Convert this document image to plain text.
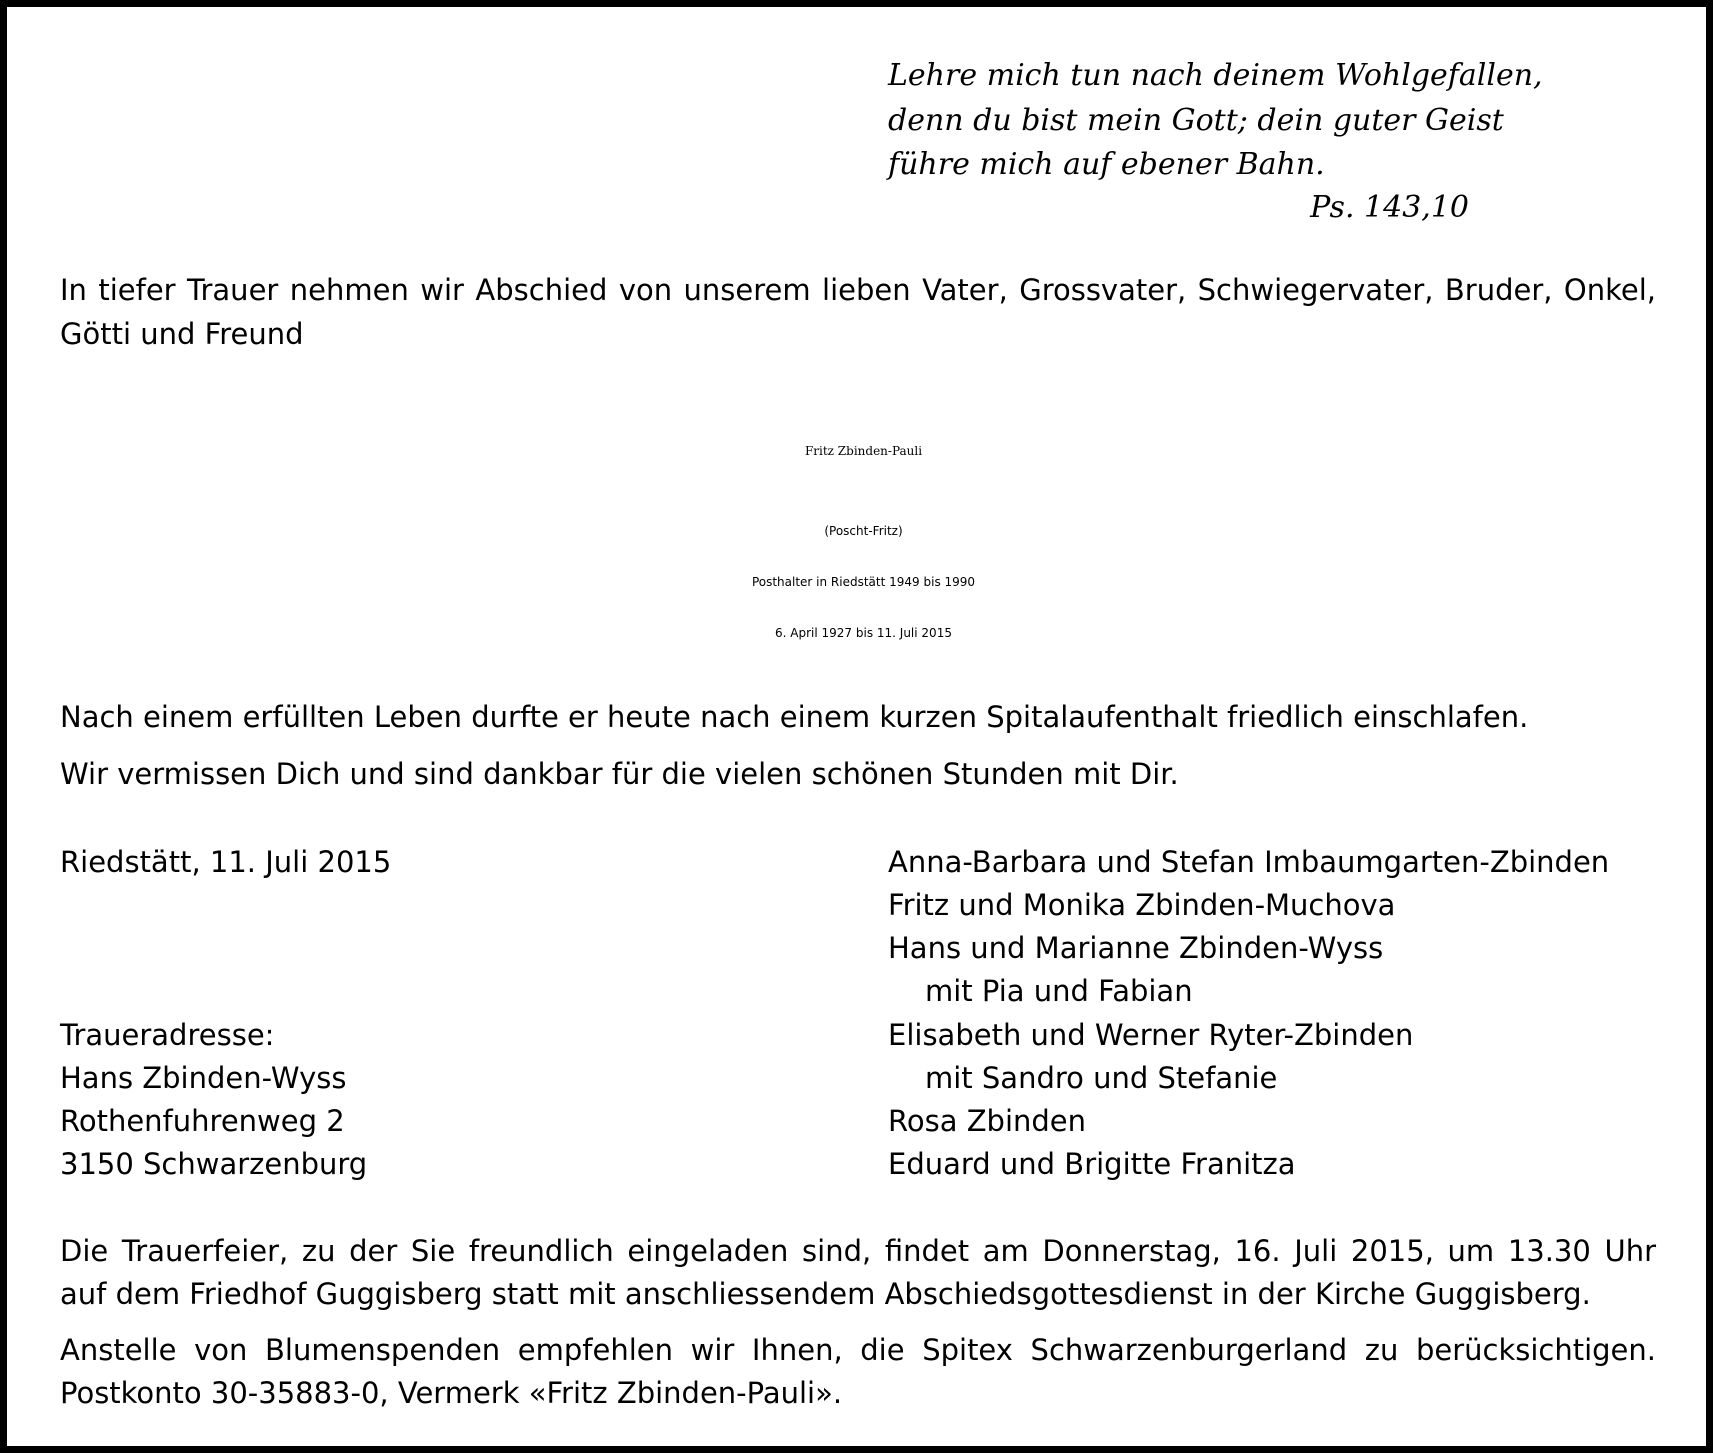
Lehre mich tun nach deinem Wohlgefallen,
denn du bist mein Gott; dein guter Geist
führe mich auf ebener Bahn.
Ps. 143,10
In tiefer Trauer nehmen wir Abschied von unserem lieben Vater, Grossvater, Schwiegervater, Bruder, Onkel,
Götti und Freund
Fritz Zbinden-Pauli
(Poscht-Fritz)
Posthalter in Riedstätt 1949 bis 1990
6. April 1927 bis 11. Juli 2015
Nach einem erfüllten Leben durfte er heute nach einem kurzen Spitalaufenthalt friedlich einschlafen.
Wir vermissen Dich und sind dankbar für die vielen schönen Stunden mit Dir.
Riedstätt, 11. Juli 2015	Anna-Barbara und Stefan Imbaumgarten-Zbinden
Fritz und Monika Zbinden-Muchova
Hans und Marianne Zbinden-Wyss
mit Pia und Fabian
Elisabeth und Werner Ryter-Zbinden
mit Sandro und Stefanie
Rosa Zbinden
Eduard und Brigitte Franitza
Traueradresse:
Hans Zbinden-Wyss
Rothenfuhrenweg 2
3150 Schwarzenburg
Die Trauerfeier, zu der Sie freundlich eingeladen sind, findet am Donnerstag, 16. Juli 2015, um 13.30 Uhr
auf dem Friedhof Guggisberg statt mit anschliessendem Abschiedsgottesdienst in der Kirche Guggisberg.
Anstelle von Blumenspenden empfehlen wir Ihnen, die Spitex Schwarzenburgerland zu berücksichtigen.
Postkonto 30-35883-0, Vermerk «Fritz Zbinden-Pauli».
